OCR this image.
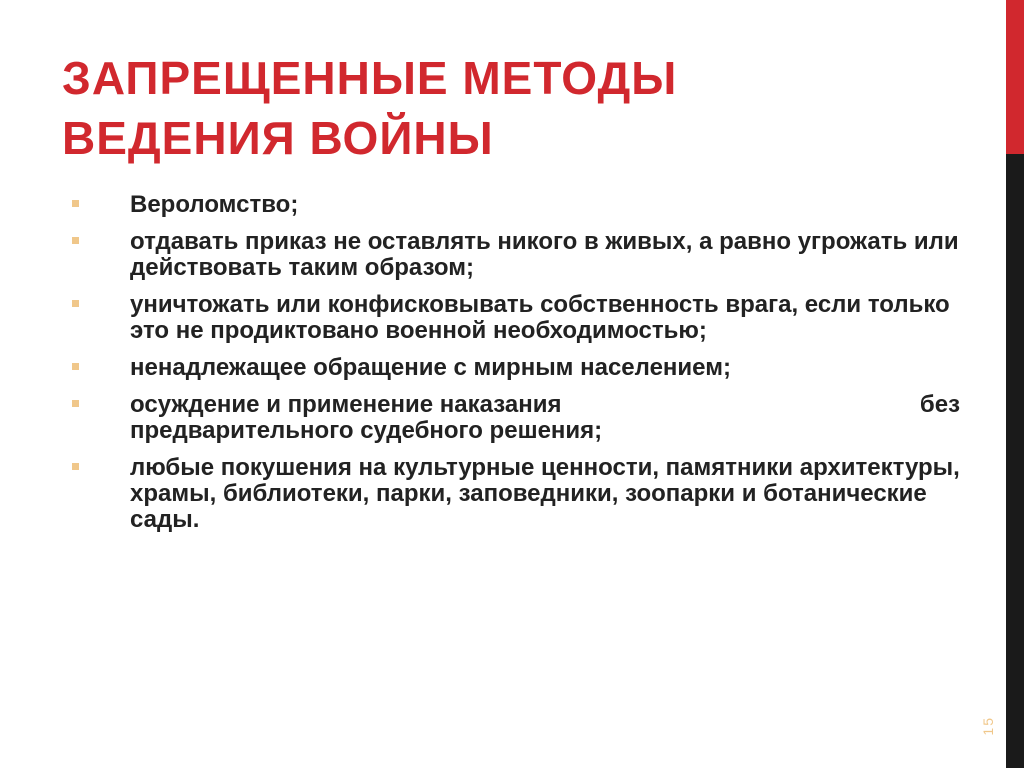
ЗАПРЕЩЕННЫЕ МЕТОДЫ
ВЕДЕНИЯ ВОЙНЫ
Вероломство;
отдавать приказ не оставлять никого в живых, а равно угрожать или действовать таким образом;
уничтожать или конфисковывать собственность врага, если только это не продиктовано военной необходимостью;
ненадлежащее обращение с мирным населением;
осуждение и применение наказания	без
предварительного судебного решения;
любые покушения на культурные ценности, памятники архитектуры, храмы, библиотеки, парки, заповедники, зоопарки и ботанические сады.
15
